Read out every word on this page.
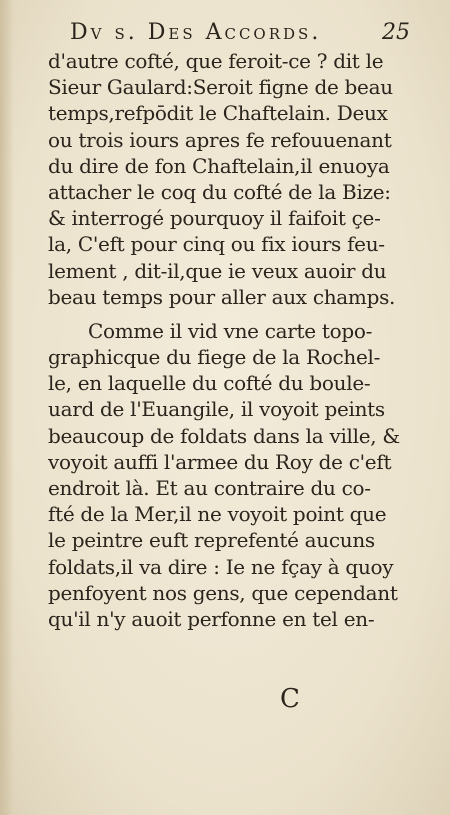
Dv s. Des Accords.	25
d'autre cofté, que feroit-ce ? dit le
Sieur Gaulard:Seroit figne de beau
temps,refpōdit le Chaftelain. Deux
ou trois iours apres fe refouuenant
du dire de fon Chaftelain,il enuoya
attacher le coq du cofté de la Bize:
& interrogé pourquoy il faifoit çe-
la, C'eft pour cinq ou fix iours feu-
lement , dit-il,que ie veux auoir du
beau temps pour aller aux champs.
Comme il vid vne carte topo-
graphicque du fiege de la Rochel-
le, en laquelle du cofté du boule-
uard de l'Euangile, il voyoit peints
beaucoup de foldats dans la ville, &
voyoit auffi l'armee du Roy de c'eft
endroit là. Et au contraire du co-
fté de la Mer,il ne voyoit point que
le peintre euft reprefenté aucuns
foldats,il va dire : Ie ne fçay à quoy
penfoyent nos gens, que cependant
qu'il n'y auoit perfonne en tel en-
C
